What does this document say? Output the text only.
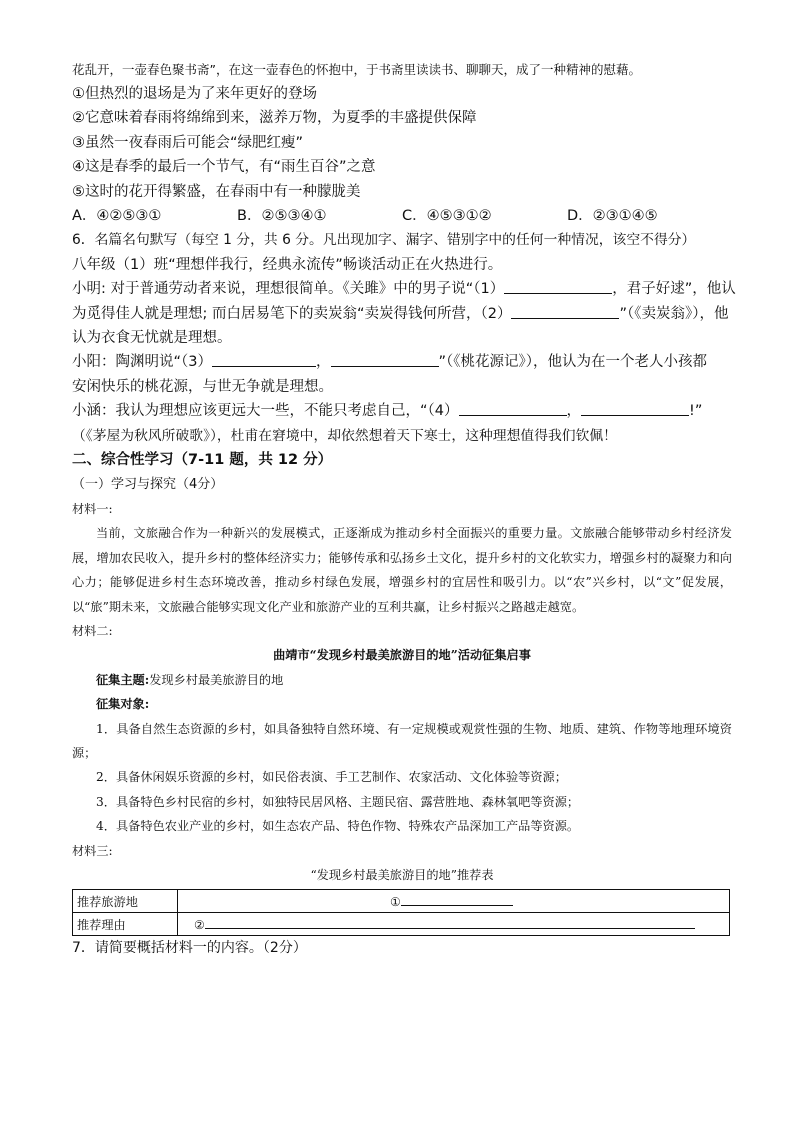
花乱开，一壶春色聚书斋”，在这一壶春色的怀抱中，于书斋里读读书、聊聊天，成了一种精神的慰藉。
①但热烈的退场是为了来年更好的登场
②它意味着春雨将绵绵到来，滋养万物，为夏季的丰盛提供保障
③虽然一夜春雨后可能会“绿肥红瘦”
④这是春季的最后一个节气，有“雨生百谷”之意
⑤这时的花开得繁盛，在春雨中有一种朦胧美
A．④②⑤③①	B．②⑤③④①	C．④⑤③①②	D．②③①④⑤
6．名篇名句默写（每空 1 分，共 6 分。凡出现加字、漏字、错别字中的任何一种情况，该空不得分）
八年级（1）班“理想伴我行，经典永流传”畅谈活动正在火热进行。
小明: 对于普通劳动者来说，理想很简单。《关雎》中的男子说“（1）	，君子好逑”，他认
为觅得佳人就是理想; 而白居易笔下的卖炭翁“卖炭得钱何所营，（2）	”（《卖炭翁》），他
认为衣食无忧就是理想。
小阳：陶渊明说“（3）	，	”（《桃花源记》），他认为在一个老人小孩都
安闲快乐的桃花源，与世无争就是理想。
小涵：我认为理想应该更远大一些，不能只考虑自己，“（4）	，	!”
（《茅屋为秋风所破歌》），杜甫在窘境中，却依然想着天下寒士，这种理想值得我们钦佩！
二、综合性学习（7-11 题，共 12 分）
（一）学习与探究（4分）
材料一:
当前，文旅融合作为一种新兴的发展模式，正逐渐成为推动乡村全面振兴的重要力量。文旅融合能够带动乡村经济发展，增加农民收入，提升乡村的整体经济实力；能够传承和弘扬乡土文化，提升乡村的文化软实力，增强乡村的凝聚力和向心力；能够促进乡村生态环境改善，推动乡村绿色发展，增强乡村的宜居性和吸引力。以“农”兴乡村，以“文”促发展，以“旅”期未来，文旅融合能够实现文化产业和旅游产业的互利共赢，让乡村振兴之路越走越宽。
材料二:
曲靖市“发现乡村最美旅游目的地”活动征集启事
征集主题:发现乡村最美旅游目的地
征集对象:
1．具备自然生态资源的乡村，如具备独特自然环境、有一定规模或观赏性强的生物、地质、建筑、作物等地理环境资源；
2．具备休闲娱乐资源的乡村，如民俗表演、手工艺制作、农家活动、文化体验等资源；
3．具备特色乡村民宿的乡村，如独特民居风格、主题民宿、露营胜地、森林氧吧等资源；
4．具备特色农业产业的乡村，如生态农产品、特色作物、特殊农产品深加工产品等资源。
材料三:
“发现乡村最美旅游目的地”推荐表
推荐旅游地	①

推荐理由	②
7．请简要概括材料一的内容。（2分）
